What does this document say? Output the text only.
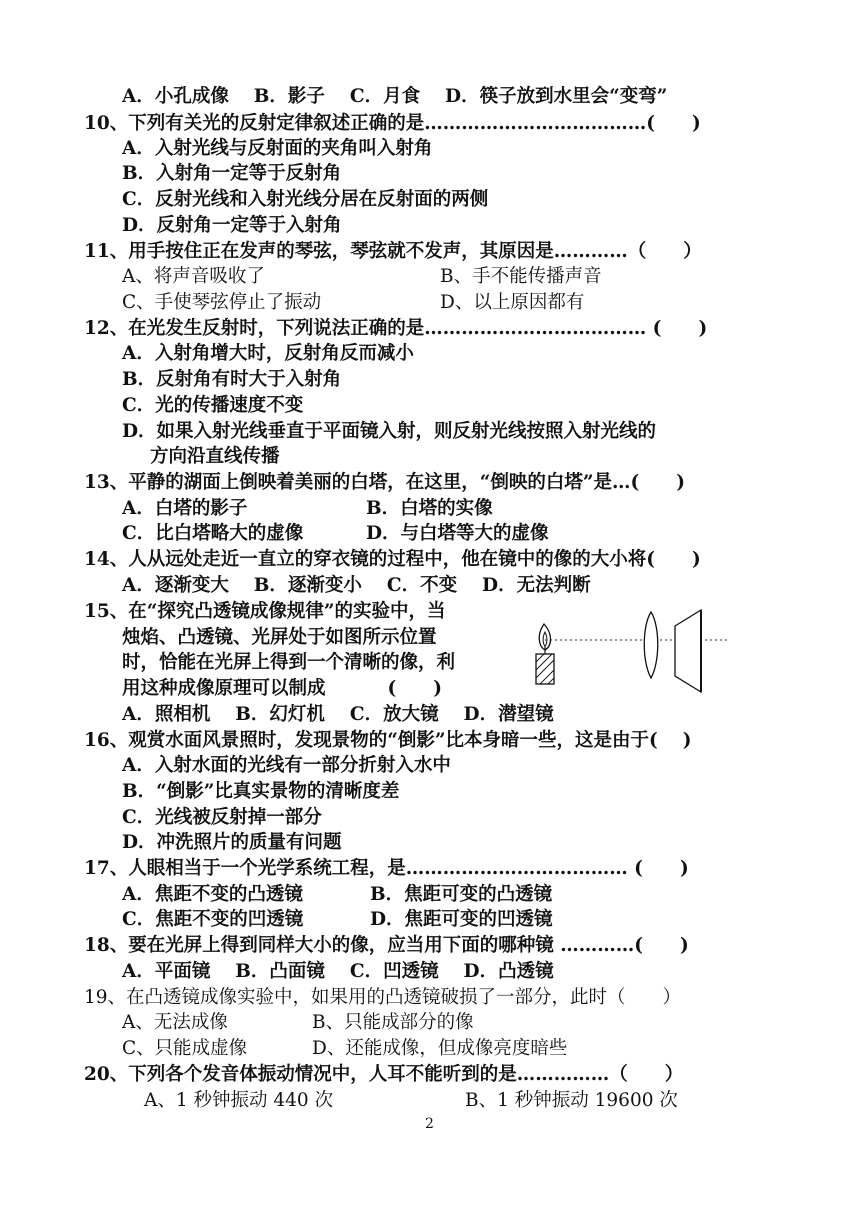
A．小孔成像　 B．影子　 C．月食　 D．筷子放到水里会“变弯”
10、下列有关光的反射定律叙述正确的是………………………………(　　)
A．入射光线与反射面的夹角叫入射角
B．入射角一定等于反射角
C．反射光线和入射光线分居在反射面的两侧
D．反射角一定等于入射角
11、用手按住正在发声的琴弦，琴弦就不发声，其原因是…………（　　）
A、将声音吸收了	B、手不能传播声音
C、手使琴弦停止了振动	D、以上原因都有
12、在光发生反射时，下列说法正确的是……………………………… (　　)
A．入射角增大时，反射角反而减小
B．反射角有时大于入射角
C．光的传播速度不变
D．如果入射光线垂直于平面镜入射，则反射光线按照入射光线的
方向沿直线传播
13、平静的湖面上倒映着美丽的白塔，在这里，“倒映的白塔”是…(　　)
A．白塔的影子	B．白塔的实像
C．比白塔略大的虚像	D．与白塔等大的虚像
14、人从远处走近一直立的穿衣镜的过程中，他在镜中的像的大小将(　　)
A．逐渐变大　 B．逐渐变小　 C．不变　 D．无法判断
15、在“探究凸透镜成像规律”的实验中，当
烛焰、凸透镜、光屏处于如图所示位置
时，恰能在光屏上得到一个清晰的像，利
用这种成像原理可以制成　　　 (　　)
A．照相机　 B．幻灯机　 C．放大镜　 D．潜望镜
16、观赏水面风景照时，发现景物的“倒影”比本身暗一些，这是由于(　 )
A．入射水面的光线有一部分折射入水中
B．“倒影”比真实景物的清晰度差
C．光线被反射掉一部分
D．冲洗照片的质量有问题
17、人眼相当于一个光学系统工程，是……………………………… (　　)
A．焦距不变的凸透镜	B．焦距可变的凸透镜
C．焦距不变的凹透镜	D．焦距可变的凹透镜
18、要在光屏上得到同样大小的像，应当用下面的哪种镜 …………(　　)
A．平面镜　 B．凸面镜　 C．凹透镜　 D．凸透镜
19、在凸透镜成像实验中，如果用的凸透镜破损了一部分，此时（　　）
A、无法成像	B、只能成部分的像
C、只能成虚像	D、还能成像，但成像亮度暗些
20、下列各个发音体振动情况中，人耳不能听到的是……………（　　）
A、1 秒钟振动 440 次	B、1 秒钟振动 19600 次
2
